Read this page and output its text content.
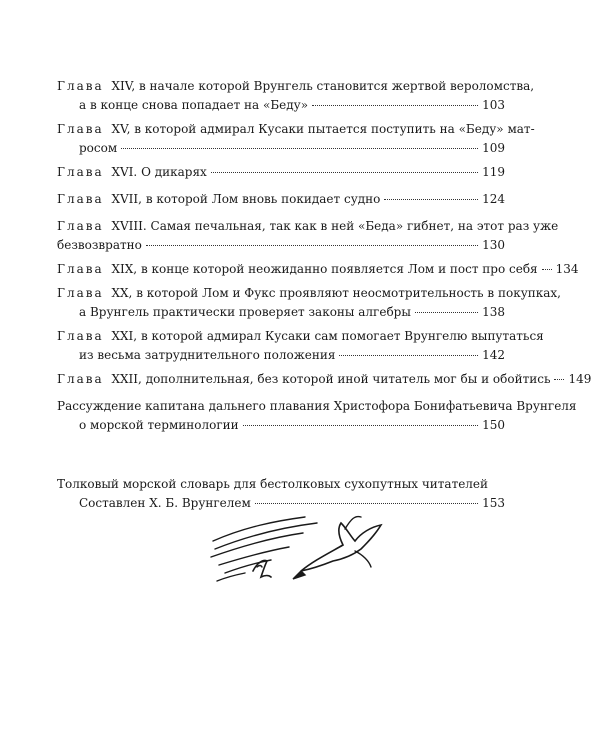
Глава
XIV,
в начале которой Врунгель становится жертвой вероломства,
а в конце снова попадает на «Беду»	103
Глава
XV,
в которой адмирал Кусаки пытается поступить на «Беду» мат-
росом	109
Глава
XVI.
О дикарях	119
Глава
XVII,
в которой Лом вновь покидает судно	124
Глава
XVIII.
Самая печальная, так как в ней «Беда» гибнет, на этот раз уже
безвозвратно	130
Глава
XIX,
в конце которой неожиданно появляется Лом и пост про себя 134
Глава
XX,
в которой Лом и Фукс проявляют неосмотрительность в покупках,
а Врунгель практически проверяет законы алгебры	138
Глава
XXI,
в которой адмирал Кусаки сам помогает Врунгелю выпутаться
из весьма затруднительного положения	142
Глава
XXII,
дополнительная, без которой иной читатель мог бы и обойтись 149
Рассуждение капитана дальнего плавания Христофора Бонифатьевича Врунгеля
о морской терминологии	150
Толковый морской словарь для бестолковых сухопутных читателей
Составлен Х. Б. Врунгелем	153
